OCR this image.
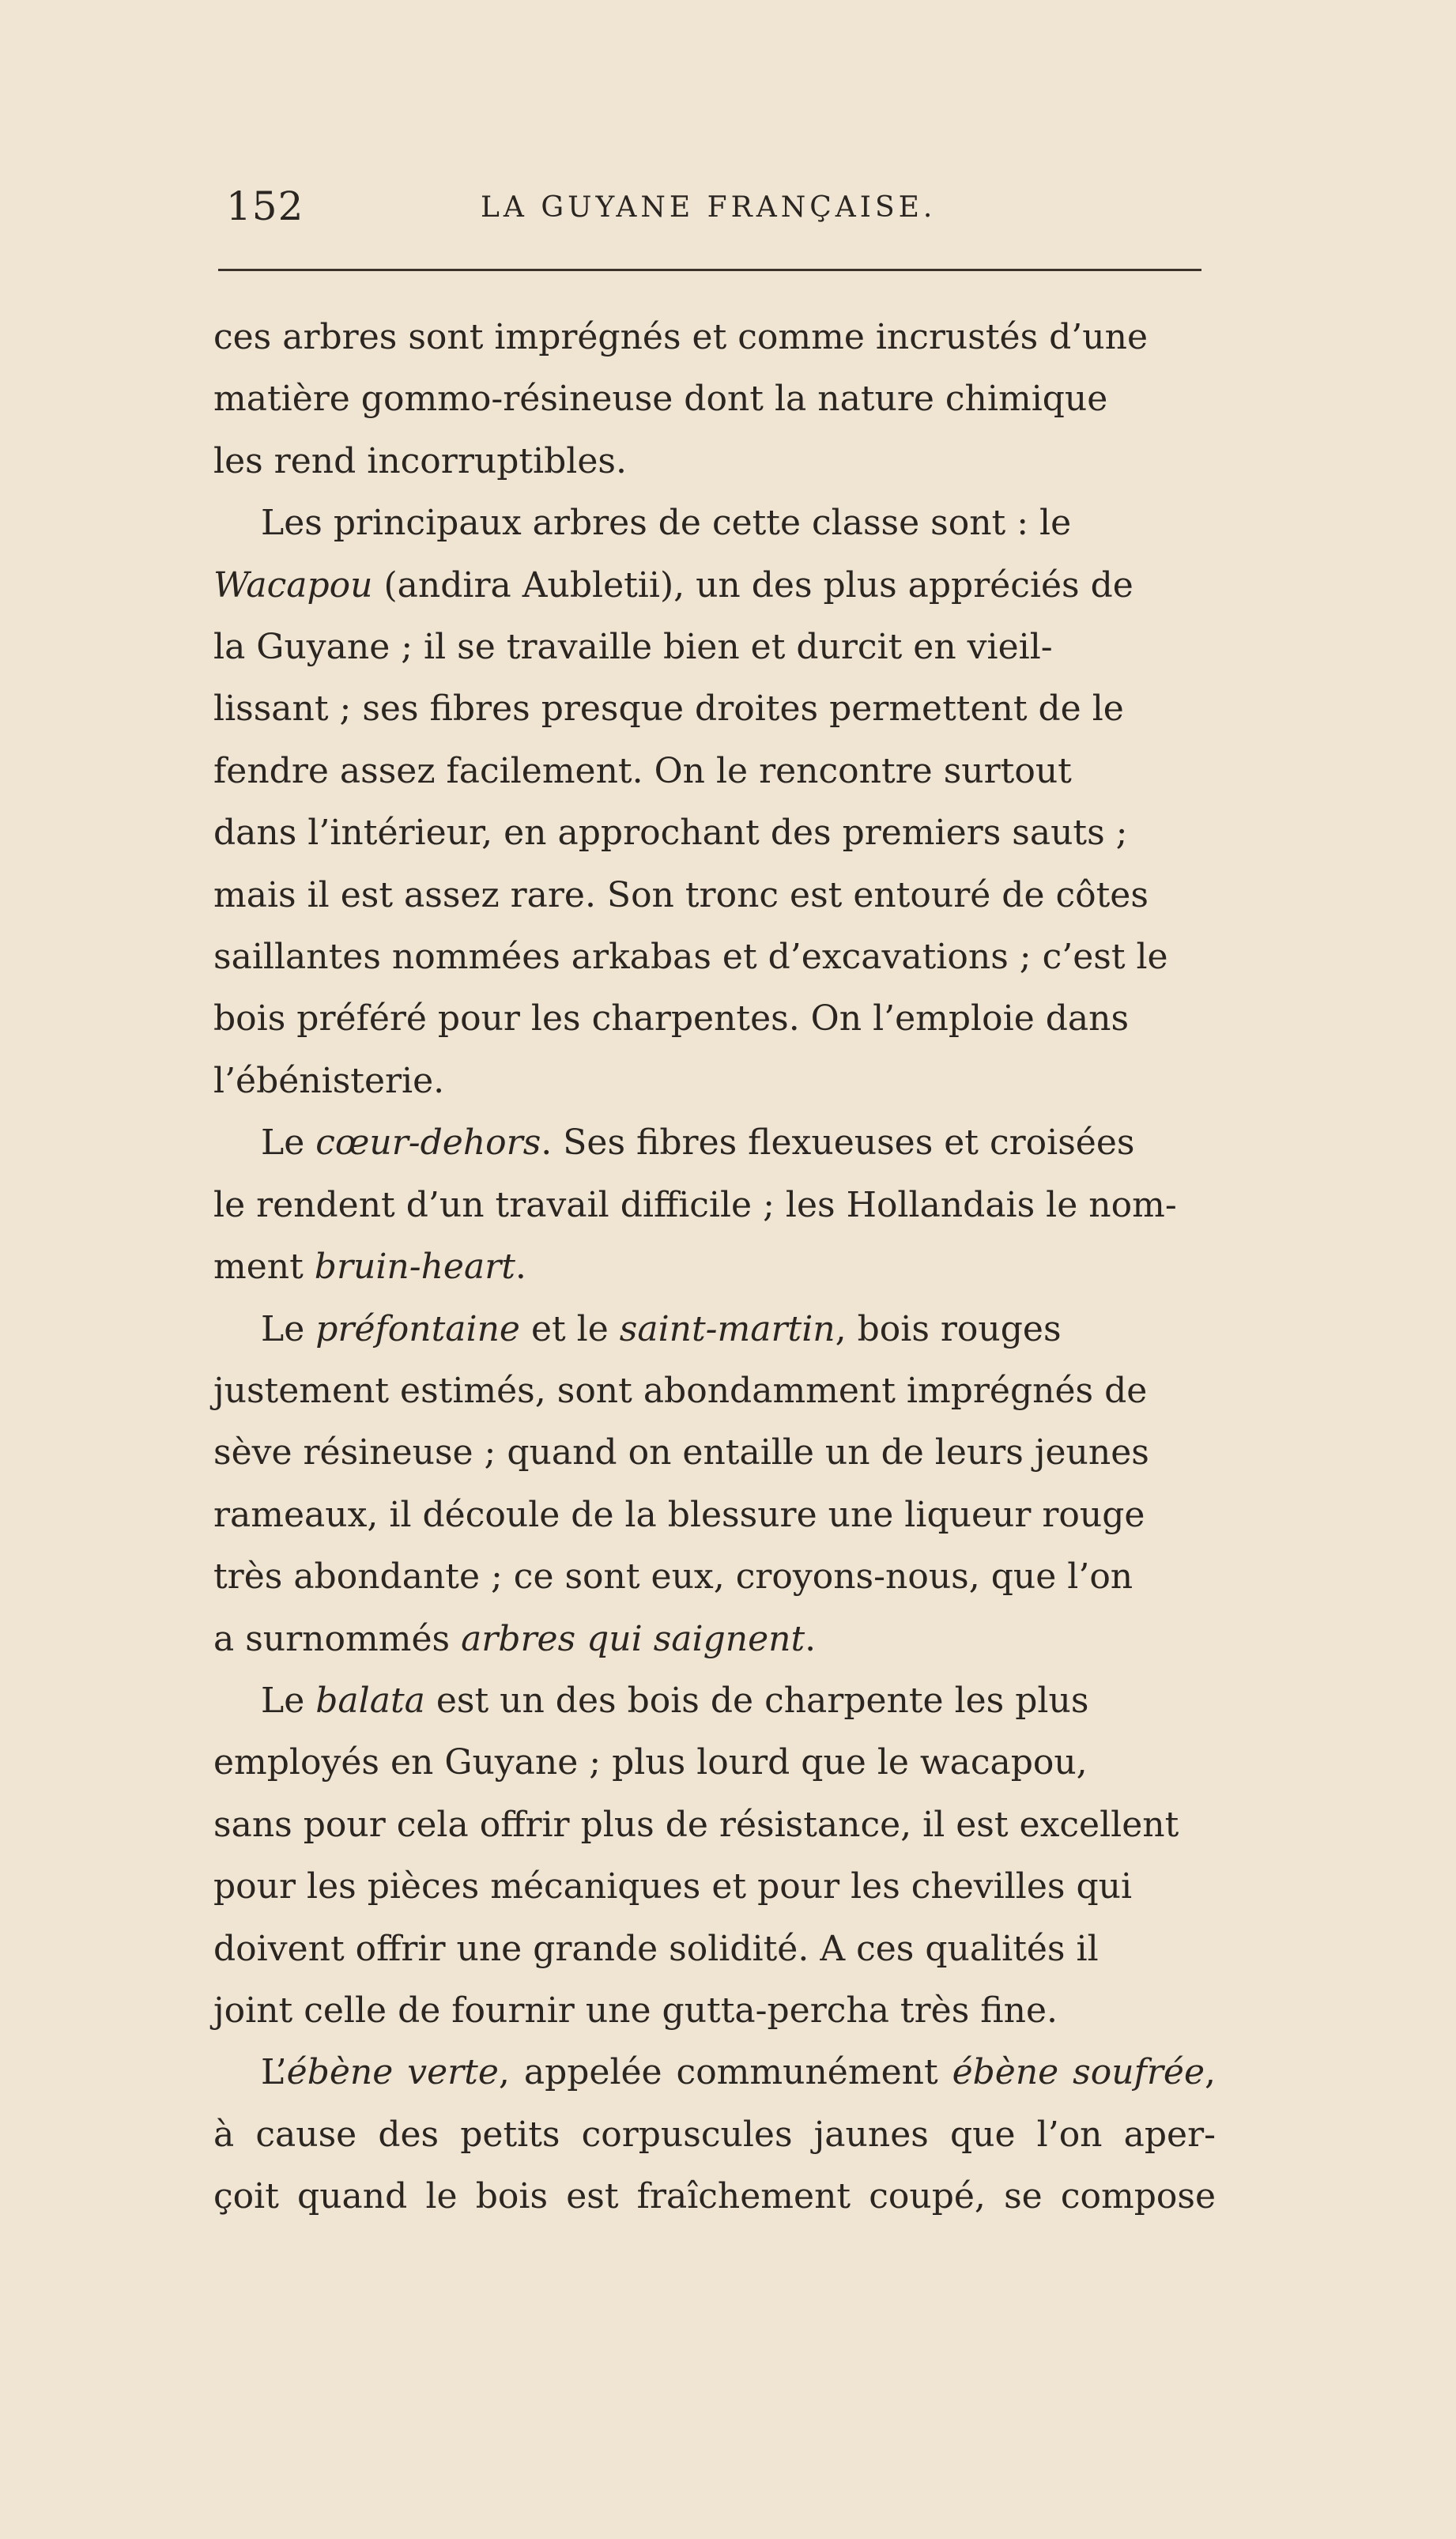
152	LA GUYANE FRANÇAISE.

ces arbres sont imprégnés et comme incrustés d’une
matière gommo-résineuse dont la nature chimique
les rend incorruptibles.

Les principaux arbres de cette classe sont : le
Wacapou (andira Aubletii), un des plus appréciés de
la Guyane ; il se travaille bien et durcit en vieil-
lissant ; ses fibres presque droites permettent de le
fendre assez facilement. On le rencontre surtout
dans l’intérieur, en approchant des premiers sauts ;
mais il est assez rare. Son tronc est entouré de côtes
saillantes nommées arkabas et d’excavations ; c’est le
bois préféré pour les charpentes. On l’emploie dans
l’ébénisterie.

Le cœur-dehors. Ses fibres flexueuses et croisées
le rendent d’un travail difficile ; les Hollandais le nom-
ment bruin-heart.

Le préfontaine et le saint-martin, bois rouges
justement estimés, sont abondamment imprégnés de
sève résineuse ; quand on entaille un de leurs jeunes
rameaux, il découle de la blessure une liqueur rouge
très abondante ; ce sont eux, croyons-nous, que l’on
a surnommés arbres qui saignent.

Le balata est un des bois de charpente les plus
employés en Guyane ; plus lourd que le wacapou,
sans pour cela offrir plus de résistance, il est excellent
pour les pièces mécaniques et pour les chevilles qui
doivent offrir une grande solidité. A ces qualités il
joint celle de fournir une gutta-percha très fine.

L’ébène verte, appelée communément ébène soufrée,
à cause des petits corpuscules jaunes que l’on aper-
çoit quand le bois est fraîchement coupé, se compose
